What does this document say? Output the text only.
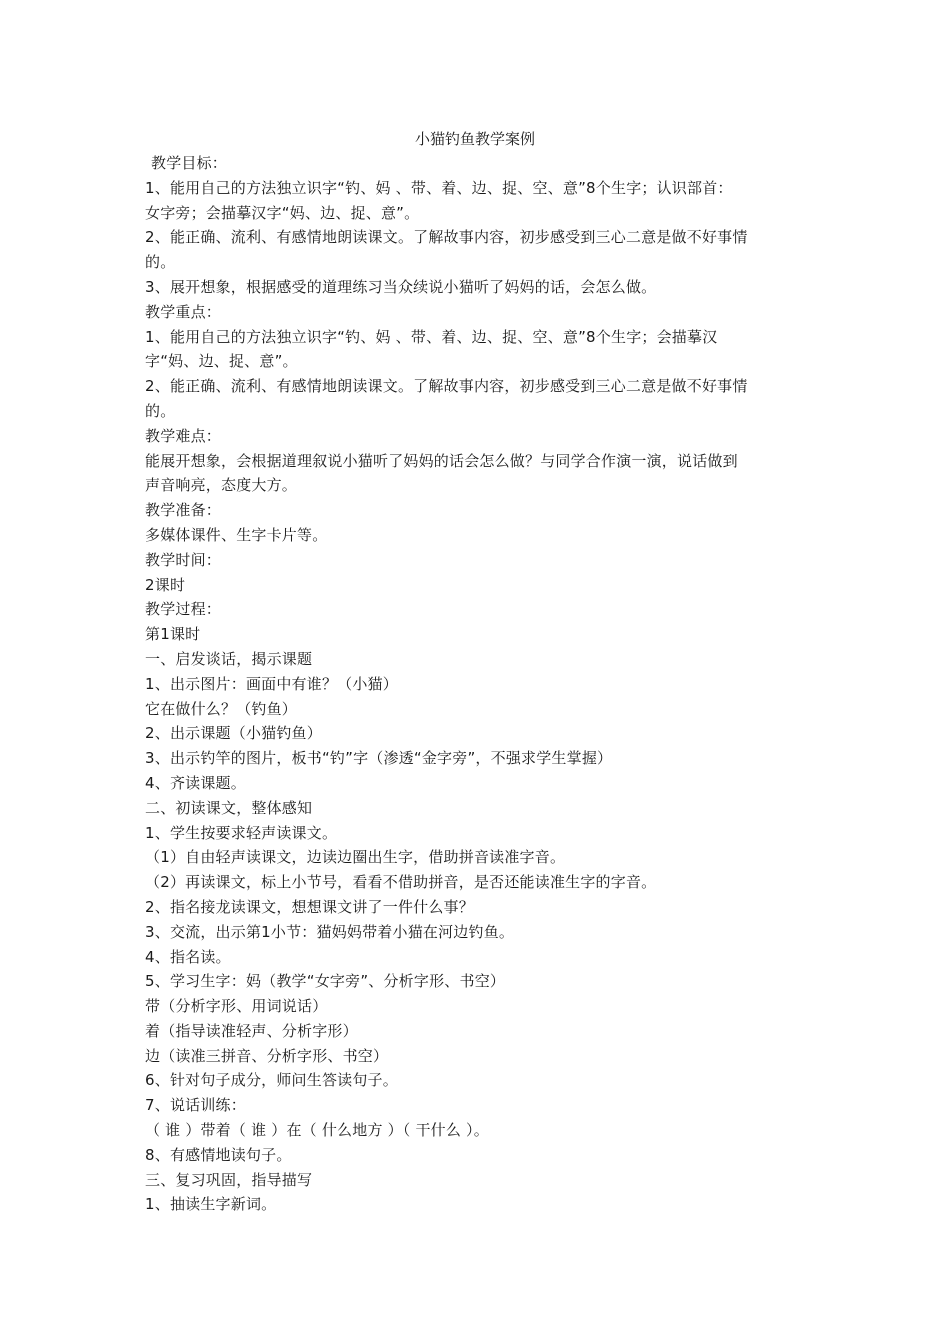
小猫钓鱼教学案例

教学目标：

1、能用自己的方法独立识字“钓、妈 、带、着、边、捉、空、意”8个生字；认识部首：

女字旁；会描摹汉字“妈、边、捉、意”。

2、能正确、流利、有感情地朗读课文。了解故事内容，初步感受到三心二意是做不好事情

的。

3、展开想象，根据感受的道理练习当众续说小猫听了妈妈的话，会怎么做。

教学重点：

1、能用自己的方法独立识字“钓、妈 、带、着、边、捉、空、意”8个生字；会描摹汉

字“妈、边、捉、意”。

2、能正确、流利、有感情地朗读课文。了解故事内容，初步感受到三心二意是做不好事情

的。

教学难点：

能展开想象，会根据道理叙说小猫听了妈妈的话会怎么做？与同学合作演一演，说话做到

声音响亮，态度大方。

教学准备：

多媒体课件、生字卡片等。

教学时间：

2课时

教学过程：

第1课时

一、启发谈话，揭示课题

1、出示图片：画面中有谁？（小猫）

它在做什么？（钓鱼）

2、出示课题（小猫钓鱼）

3、出示钓竿的图片，板书“钓”字（渗透“金字旁”，不强求学生掌握）

4、齐读课题。

二、初读课文，整体感知

1、学生按要求轻声读课文。

（1）自由轻声读课文，边读边圈出生字，借助拼音读准字音。

（2）再读课文，标上小节号，看看不借助拼音，是否还能读准生字的字音。

2、指名接龙读课文，想想课文讲了一件什么事？

3、交流，出示第1小节：猫妈妈带着小猫在河边钓鱼。

4、指名读。

5、学习生字：妈（教学“女字旁”、分析字形、书空）

带（分析字形、用词说话）

着（指导读准轻声、分析字形）

边（读准三拼音、分析字形、书空）

6、针对句子成分，师问生答读句子。

7、说话训练：

（ 谁 ）带着（ 谁 ）在（ 什么地方 ）（ 干什么 ）。

8、有感情地读句子。

三、复习巩固，指导描写

1、抽读生字新词。
